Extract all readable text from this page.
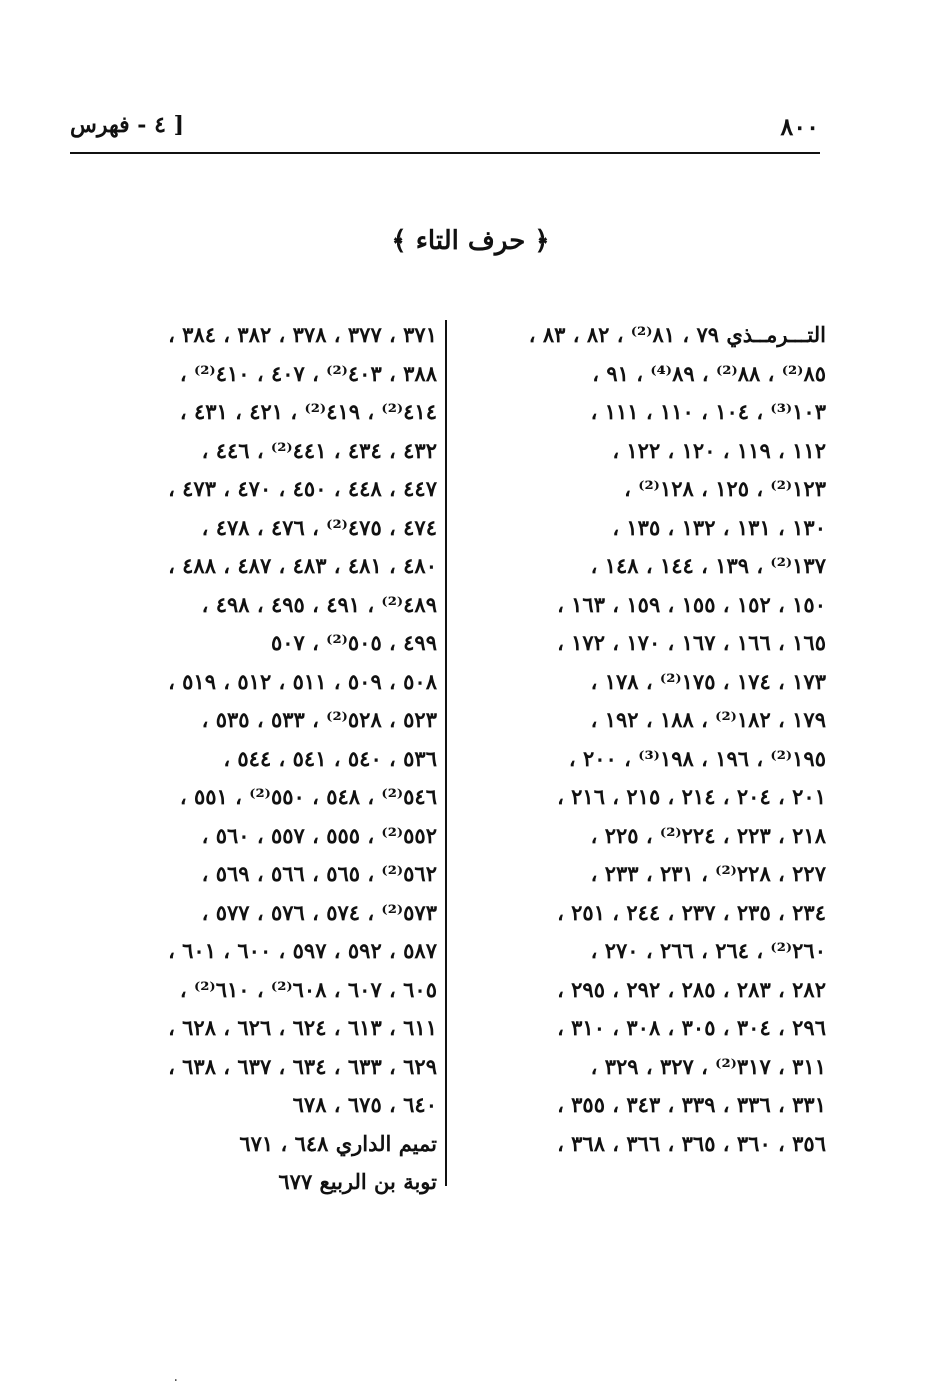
٨٠٠
[ ٤ - فهرس
﴿ حرف التاء ﴾
التـــرمــذي ٧٩ ، ٨١⁽²⁾ ، ٨٢ ، ٨٣ ،
٨٥⁽²⁾ ، ٨٨⁽²⁾ ، ٨٩⁽⁴⁾ ، ٩١ ،
١٠٣⁽³⁾ ، ١٠٤ ، ١١٠ ، ١١١ ،
١١٢ ، ١١٩ ، ١٢٠ ، ١٢٢ ،
١٢٣⁽²⁾ ، ١٢٥ ، ١٢٨⁽²⁾ ،
١٣٠ ، ١٣١ ، ١٣٢ ، ١٣٥ ،
١٣٧⁽²⁾ ، ١٣٩ ، ١٤٤ ، ١٤٨ ،
١٥٠ ، ١٥٢ ، ١٥٥ ، ١٥٩ ، ١٦٣ ،
١٦٥ ، ١٦٦ ، ١٦٧ ، ١٧٠ ، ١٧٢ ،
١٧٣ ، ١٧٤ ، ١٧٥⁽²⁾ ، ١٧٨ ،
١٧٩ ، ١٨٢⁽²⁾ ، ١٨٨ ، ١٩٢ ،
١٩٥⁽²⁾ ، ١٩٦ ، ١٩٨⁽³⁾ ، ٢٠٠ ،
٢٠١ ، ٢٠٤ ، ٢١٤ ، ٢١٥ ، ٢١٦ ،
٢١٨ ، ٢٢٣ ، ٢٢٤⁽²⁾ ، ٢٢٥ ،
٢٢٧ ، ٢٢٨⁽²⁾ ، ٢٣١ ، ٢٣٣ ،
٢٣٤ ، ٢٣٥ ، ٢٣٧ ، ٢٤٤ ، ٢٥١ ،
٢٦٠⁽²⁾ ، ٢٦٤ ، ٢٦٦ ، ٢٧٠ ،
٢٨٢ ، ٢٨٣ ، ٢٨٥ ، ٢٩٢ ، ٢٩٥ ،
٢٩٦ ، ٣٠٤ ، ٣٠٥ ، ٣٠٨ ، ٣١٠ ،
٣١١ ، ٣١٧⁽²⁾ ، ٣٢٧ ، ٣٢٩ ،
٣٣١ ، ٣٣٦ ، ٣٣٩ ، ٣٤٣ ، ٣٥٥ ،
٣٥٦ ، ٣٦٠ ، ٣٦٥ ، ٣٦٦ ، ٣٦٨ ،
٣٧١ ، ٣٧٧ ، ٣٧٨ ، ٣٨٢ ، ٣٨٤ ،
٣٨٨ ، ٤٠٣⁽²⁾ ، ٤٠٧ ، ٤١٠⁽²⁾ ،
٤١٤⁽²⁾ ، ٤١٩⁽²⁾ ، ٤٢١ ، ٤٣١ ،
٤٣٢ ، ٤٣٤ ، ٤٤١⁽²⁾ ، ٤٤٦ ،
٤٤٧ ، ٤٤٨ ، ٤٥٠ ، ٤٧٠ ، ٤٧٣ ،
٤٧٤ ، ٤٧٥⁽²⁾ ، ٤٧٦ ، ٤٧٨ ،
٤٨٠ ، ٤٨١ ، ٤٨٣ ، ٤٨٧ ، ٤٨٨ ،
٤٨٩⁽²⁾ ، ٤٩١ ، ٤٩٥ ، ٤٩٨ ،
٤٩٩ ، ٥٠٥⁽²⁾ ، ٥٠٧
٥٠٨ ، ٥٠٩ ، ٥١١ ، ٥١٢ ، ٥١٩ ،
٥٢٣ ، ٥٢٨⁽²⁾ ، ٥٣٣ ، ٥٣٥ ،
٥٣٦ ، ٥٤٠ ، ٥٤١ ، ٥٤٤ ،
٥٤٦⁽²⁾ ، ٥٤٨ ، ٥٥٠⁽²⁾ ، ٥٥١ ،
٥٥٢⁽²⁾ ، ٥٥٥ ، ٥٥٧ ، ٥٦٠ ،
٥٦٢⁽²⁾ ، ٥٦٥ ، ٥٦٦ ، ٥٦٩ ،
٥٧٣⁽²⁾ ، ٥٧٤ ، ٥٧٦ ، ٥٧٧ ،
٥٨٧ ، ٥٩٢ ، ٥٩٧ ، ٦٠٠ ، ٦٠١ ،
٦٠٥ ، ٦٠٧ ، ٦٠٨⁽²⁾ ، ٦١٠⁽²⁾ ،
٦١١ ، ٦١٣ ، ٦٢٤ ، ٦٢٦ ، ٦٢٨ ،
٦٢٩ ، ٦٣٣ ، ٦٣٤ ، ٦٣٧ ، ٦٣٨ ،
٦٤٠ ، ٦٧٥ ، ٦٧٨
تميم الداري ٦٤٨ ، ٦٧١
توبة بن الربيع ٦٧٧
٠
